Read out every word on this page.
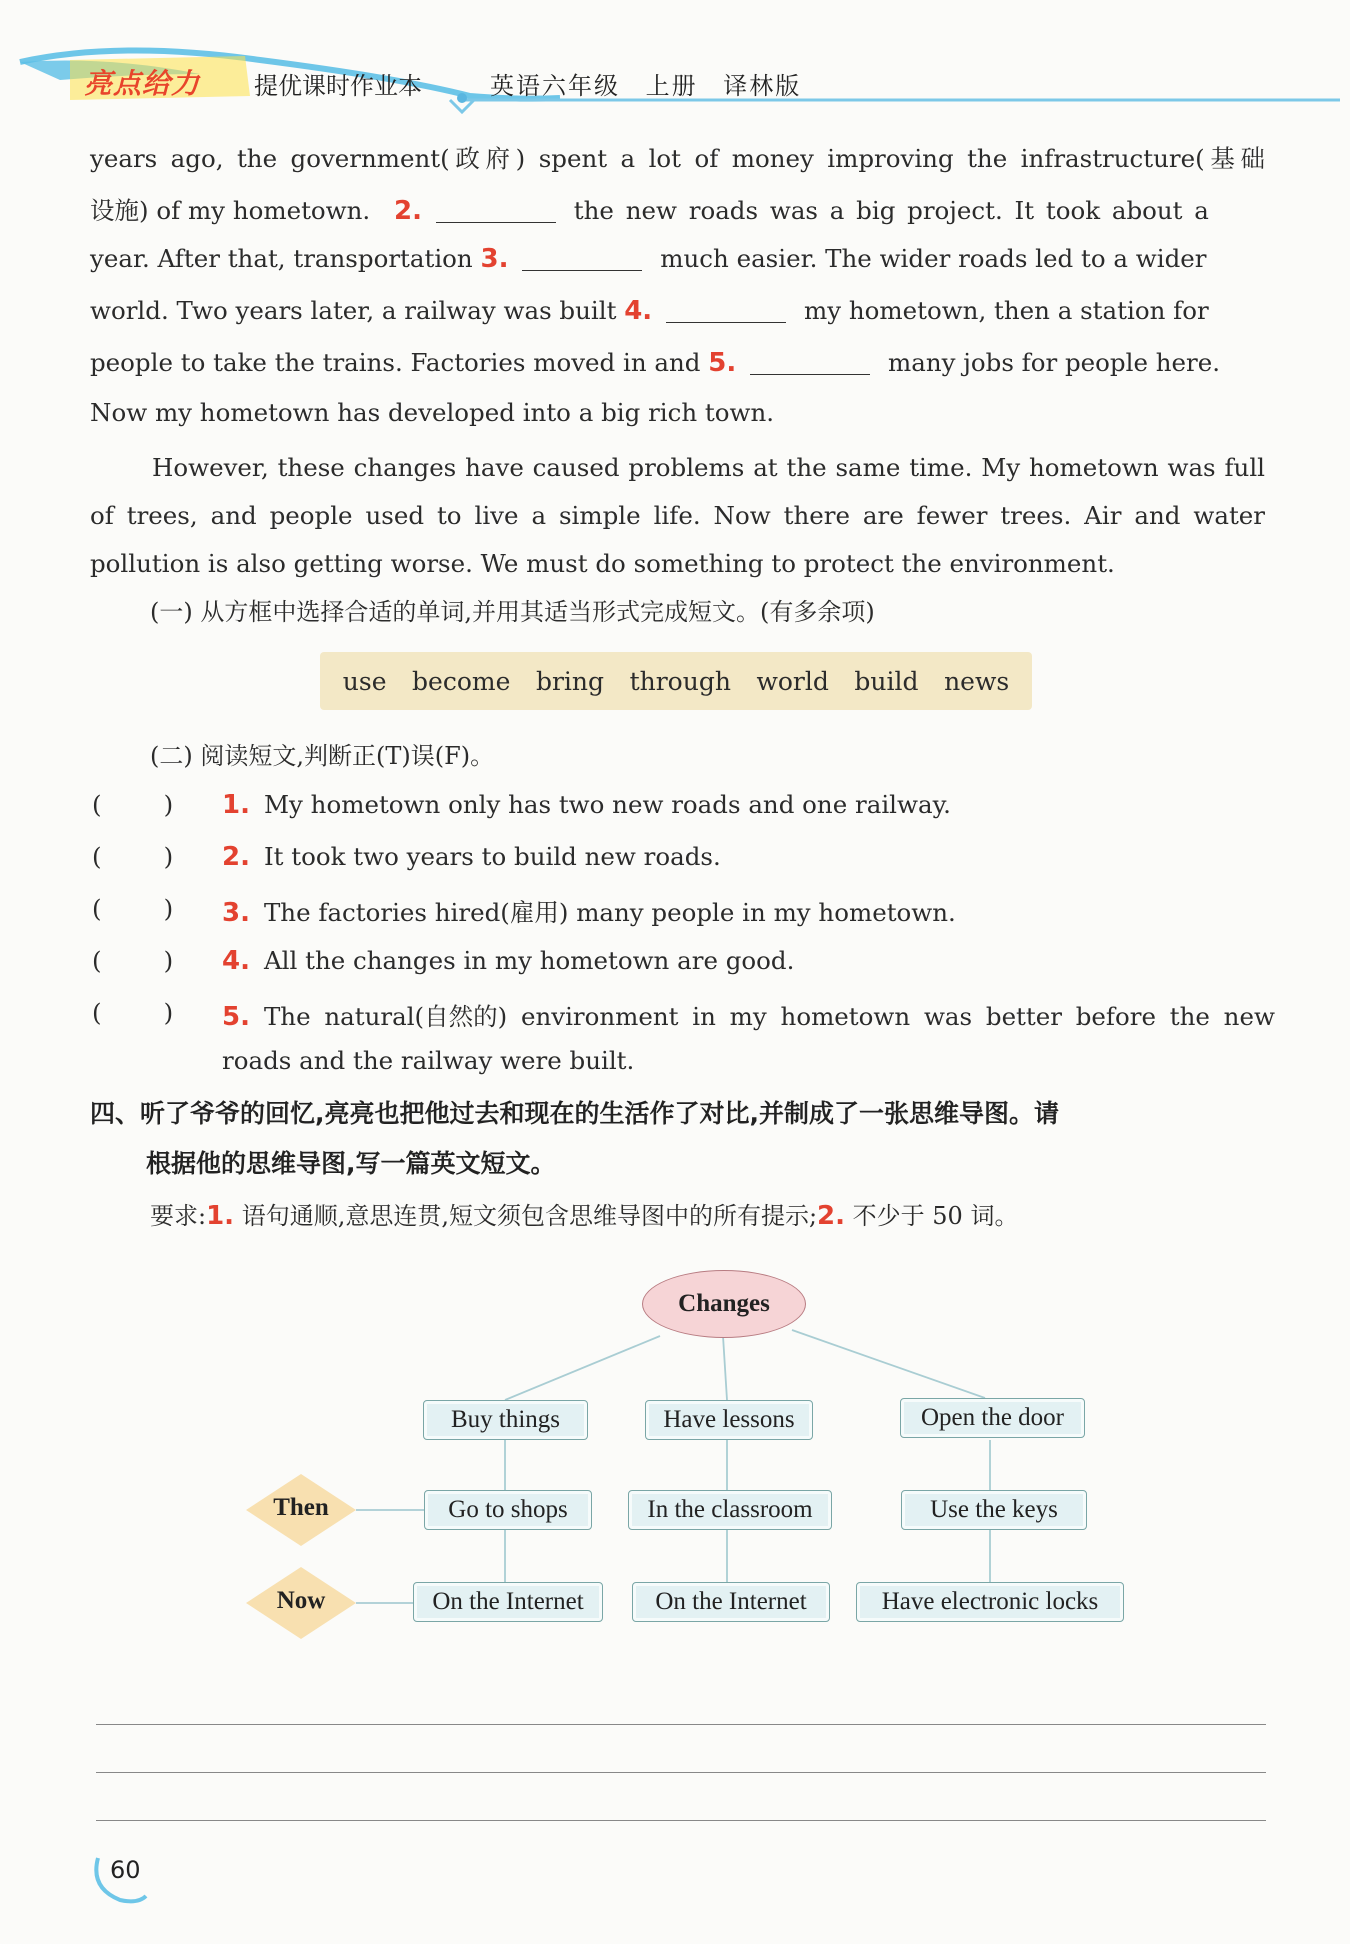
亮点给力 提优课时作业本	英语六年级 上册 译林版
years ago, the government(政府) spent a lot of money improving the infrastructure(基础
设施) of my hometown. 2.	the new roads was a big project. It took about a
year. After that, transportation 3.	much easier. The wider roads led to a wider
world. Two years later, a railway was built 4.	my hometown, then a station for
people to take the trains. Factories moved in and 5.	many jobs for people here.
Now my hometown has developed into a big rich town.
However, these changes have caused problems at the same time. My hometown was full of trees, and people used to live a simple life. Now there are fewer trees. Air and water pollution is also getting worse. We must do something to protect the environment.
(一) 从方框中选择合适的单词,并用其适当形式完成短文。(有多余项)
use become bring through world build news
(二) 阅读短文,判断正(T)误(F)。
(	) 1. My hometown only has two new roads and one railway.
(	) 2. It took two years to build new roads.
(	) 3. The factories hired(雇用) many people in my hometown.
(	) 4. All the changes in my hometown are good.
(	) 5. The natural(自然的) environment in my hometown was better before the new
roads and the railway were built.
四、听了爷爷的回忆,亮亮也把他过去和现在的生活作了对比,并制成了一张思维导图。请
根据他的思维导图,写一篇英文短文。
要求:1. 语句通顺,意思连贯,短文须包含思维导图中的所有提示;2. 不少于 50 词。
Changes
Then
Now
Buy things	Have lessons	Open the door
Go to shops	In the classroom	Use the keys
On the Internet	On the Internet	Have electronic locks
60
